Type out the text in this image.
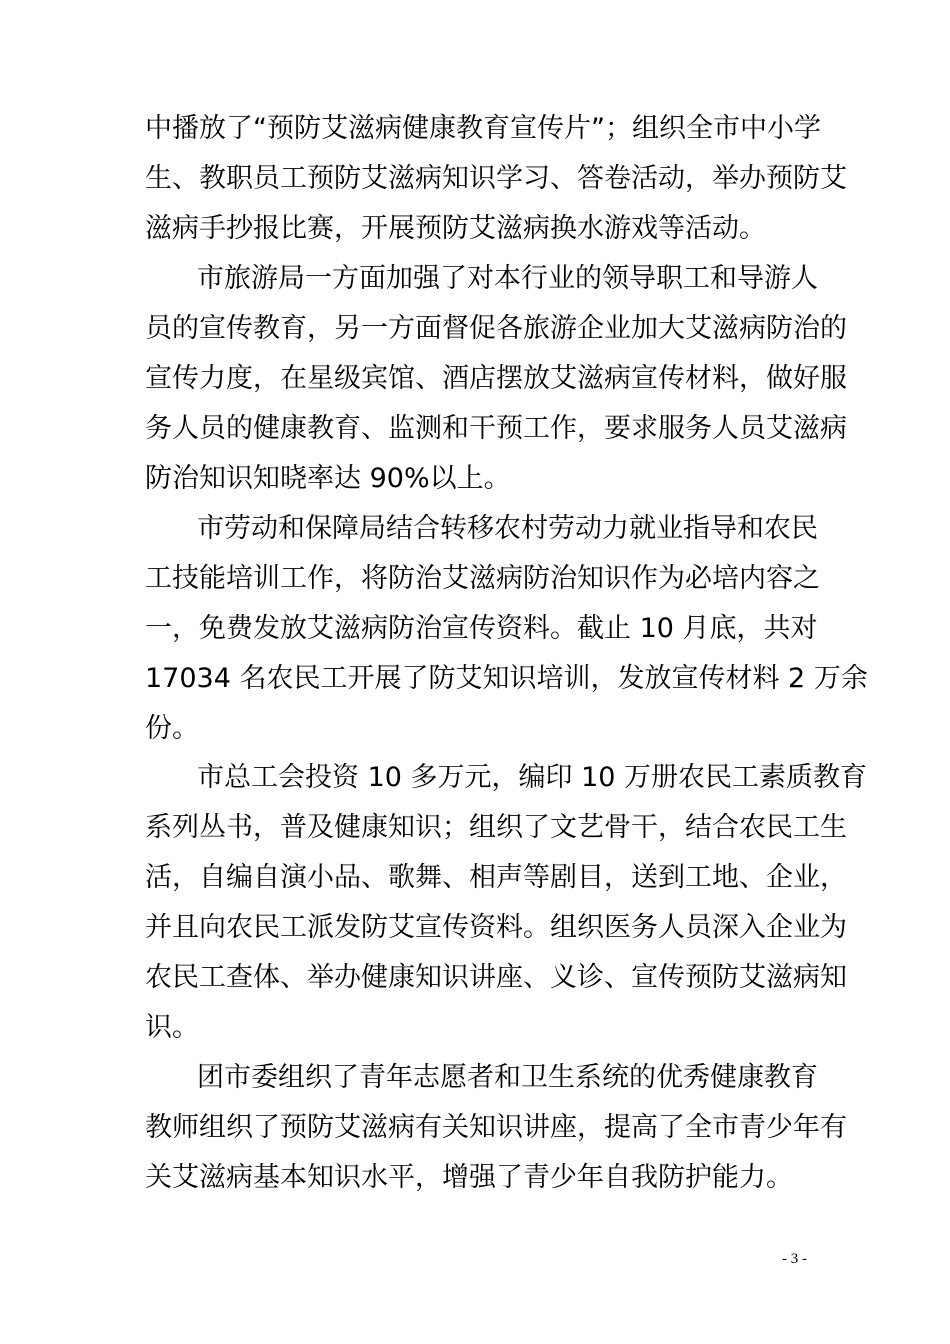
中播放了“预防艾滋病健康教育宣传片”；组织全市中小学

生、教职员工预防艾滋病知识学习、答卷活动，举办预防艾

滋病手抄报比赛，开展预防艾滋病换水游戏等活动。

市旅游局一方面加强了对本行业的领导职工和导游人

员的宣传教育，另一方面督促各旅游企业加大艾滋病防治的

宣传力度，在星级宾馆、酒店摆放艾滋病宣传材料，做好服

务人员的健康教育、监测和干预工作，要求服务人员艾滋病

防治知识知晓率达 90%以上。

市劳动和保障局结合转移农村劳动力就业指导和农民

工技能培训工作，将防治艾滋病防治知识作为必培内容之

一，免费发放艾滋病防治宣传资料。截止 10 月底，共对

17034 名农民工开展了防艾知识培训，发放宣传材料 2 万余

份。

市总工会投资 10 多万元，编印 10 万册农民工素质教育

系列丛书，普及健康知识；组织了文艺骨干，结合农民工生

活，自编自演小品、歌舞、相声等剧目，送到工地、企业，

并且向农民工派发防艾宣传资料。组织医务人员深入企业为

农民工查体、举办健康知识讲座、义诊、宣传预防艾滋病知

识。

团市委组织了青年志愿者和卫生系统的优秀健康教育

教师组织了预防艾滋病有关知识讲座，提高了全市青少年有

关艾滋病基本知识水平，增强了青少年自我防护能力。

- 3 -
